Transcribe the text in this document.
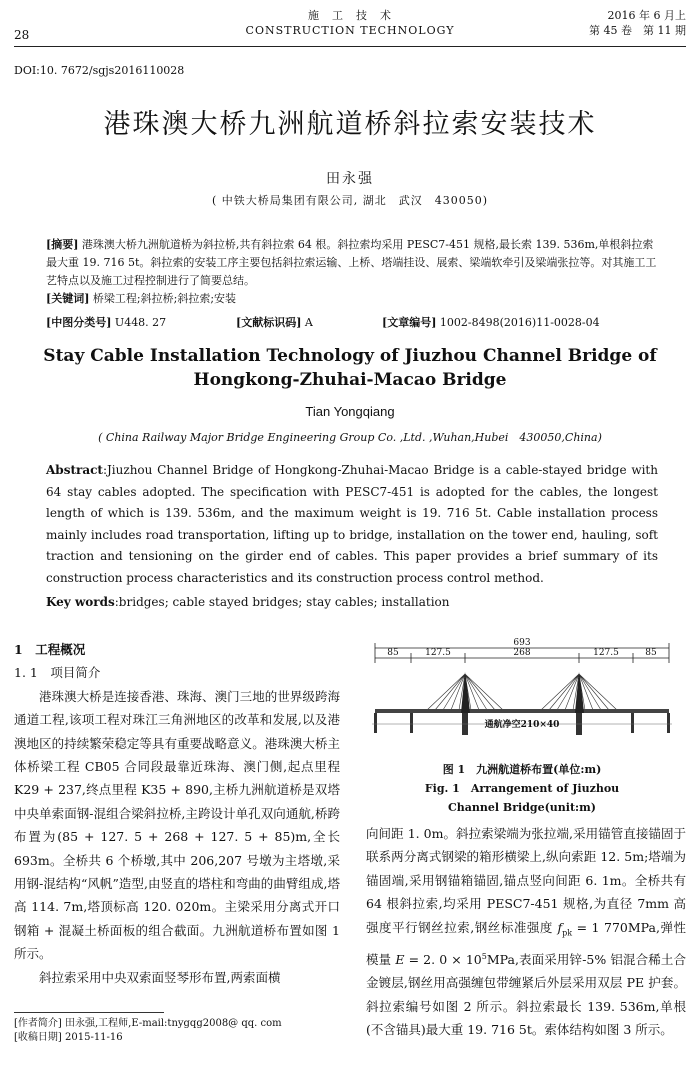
28
施　工　技　术
CONSTRUCTION TECHNOLOGY
2016 年 6 月上
第 45 卷　第 11 期
DOI:10. 7672/sgjs2016110028
港珠澳大桥九洲航道桥斜拉索安装技术
田永强
( 中铁大桥局集团有限公司, 湖北　武汉　430050)
[摘要] 港珠澳大桥九洲航道桥为斜拉桥,共有斜拉索 64 根。斜拉索均采用 PESC7-451 规格,最长索 139. 536m,单根斜拉索最大重 19. 716 5t。斜拉索的安装工序主要包括斜拉索运输、上桥、塔端挂设、展索、梁端软牵引及梁端张拉等。对其施工工艺特点以及施工过程控制进行了简要总结。
[关键词] 桥梁工程;斜拉桥;斜拉索;安装
[中图分类号] U448. 27	[文献标识码] A	[文章编号] 1002-8498(2016)11-0028-04
Stay Cable Installation Technology of Jiuzhou Channel Bridge of Hongkong-Zhuhai-Macao Bridge
Tian Yongqiang
( China Railway Major Bridge Engineering Group Co. ,Ltd. ,Wuhan,Hubei　430050,China)
Abstract:Jiuzhou Channel Bridge of Hongkong-Zhuhai-Macao Bridge is a cable-stayed bridge with 64 stay cables adopted. The specification with PESC7-451 is adopted for the cables, the longest length of which is 139. 536m, and the maximum weight is 19. 716 5t. Cable installation process mainly includes road transportation, lifting up to bridge, installation on the tower end, hauling, soft traction and tensioning on the girder end of cables. This paper provides a brief summary of its construction process characteristics and its construction process control method.
Key words:bridges; cable stayed bridges; stay cables; installation
1　工程概况
1. 1　项目简介

港珠澳大桥是连接香港、珠海、澳门三地的世界级跨海通道工程,该项工程对珠江三角洲地区的改革和发展,以及港澳地区的持续繁荣稳定等具有重要战略意义。港珠澳大桥主体桥梁工程 CB05 合同段最靠近珠海、澳门侧,起点里程 K29 + 237,终点里程 K35 + 890,主桥九洲航道桥是双塔中央单索面钢-混组合梁斜拉桥,主跨设计单孔双向通航,桥跨布置为(85 + 127. 5 + 268 + 127. 5 + 85)m,全长 693m。全桥共 6 个桥墩,其中 206,207 号墩为主塔墩,采用钢-混结构“风帆”造型,由竖直的塔柱和弯曲的曲臂组成,塔高 114. 7m,塔顶标高 120. 020m。主梁采用分离式开口钢箱 + 混凝土桥面板的组合截面。九洲航道桥布置如图 1 所示。

斜拉索采用中央双索面竖琴形布置,两索面横

[作者简介] 田永强,工程师,E-mail:tnygqg2008@ qq. com
[收稿日期] 2015-11-16
693
85	127.5	268	127.5	85
通航净空210×40
图 1　九洲航道桥布置(单位:m)
Fig. 1　Arrangement of Jiuzhou
Channel Bridge(unit:m)

向间距 1. 0m。斜拉索梁端为张拉端,采用锚管直接锚固于联系两分离式钢梁的箱形横梁上,纵向索距 12. 5m;塔端为锚固端,采用钢锚箱锚固,锚点竖向间距 6. 1m。全桥共有 64 根斜拉索,均采用 PESC7-451 规格,为直径 7mm 高强度平行钢丝拉索,钢丝标准强度 $f_{pk} = 1$ 770MPa,弹性模量 E = 2. $0 \times 10^5MPa$,表面采用锌-5% 铝混合稀土合金镀层,钢丝用高强缠包带缠紧后外层采用双层 PE 护套。斜拉索编号如图 2 所示。斜拉索最长 139. 536m,单根(不含锚具)最大重 19. 716 5t。索体结构如图 3 所示。
